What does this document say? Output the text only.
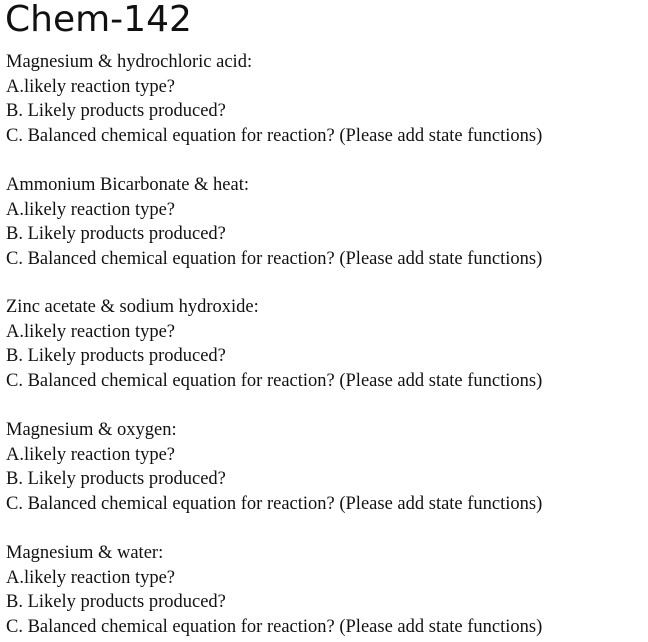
Chem-142
Magnesium & hydrochloric acid:
A.likely reaction type?
B. Likely products produced?
C. Balanced chemical equation for reaction? (Please add state functions)
Ammonium Bicarbonate & heat:
A.likely reaction type?
B. Likely products produced?
C. Balanced chemical equation for reaction? (Please add state functions)
Zinc acetate & sodium hydroxide:
A.likely reaction type?
B. Likely products produced?
C. Balanced chemical equation for reaction? (Please add state functions)
Magnesium & oxygen:
A.likely reaction type?
B. Likely products produced?
C. Balanced chemical equation for reaction? (Please add state functions)
Magnesium & water:
A.likely reaction type?
B. Likely products produced?
C. Balanced chemical equation for reaction? (Please add state functions)
